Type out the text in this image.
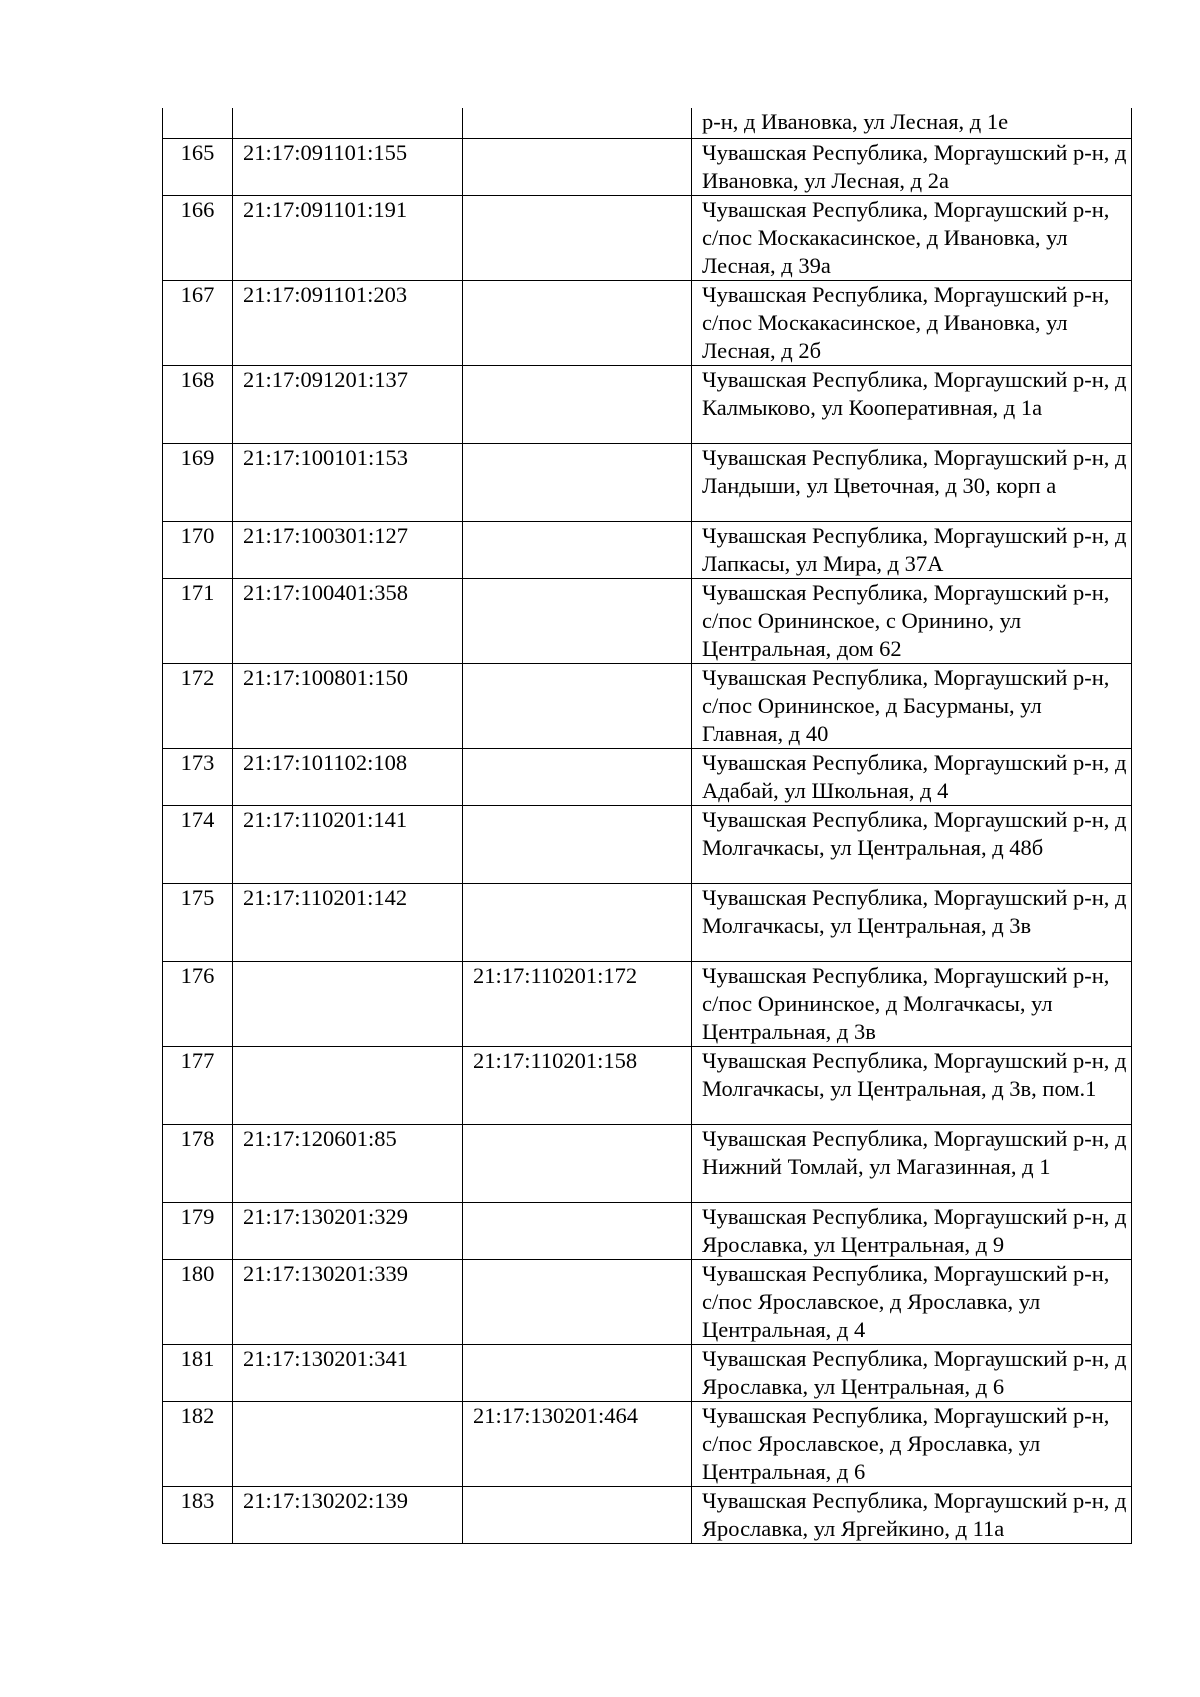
			р-н, д Ивановка, ул Лесная, д 1е
165	21:17:091101:155		Чувашская Республика, Моргаушский р-н, д Ивановка, ул Лесная, д 2а
166	21:17:091101:191		Чувашская Республика, Моргаушский р-н, с/пос Москакасинское, д Ивановка, ул Лесная, д 39а
167	21:17:091101:203		Чувашская Республика, Моргаушский р-н, с/пос Москакасинское, д Ивановка, ул Лесная, д 2б
168	21:17:091201:137		Чувашская Республика, Моргаушский р-н, д Калмыково, ул Кооперативная, д 1а
169	21:17:100101:153		Чувашская Республика, Моргаушский р-н, д Ландыши, ул Цветочная, д 30, корп а
170	21:17:100301:127		Чувашская Республика, Моргаушский р-н, д Лапкасы, ул Мира, д 37А
171	21:17:100401:358		Чувашская Республика, Моргаушский р-н, с/пос Орининское, с Оринино, ул Центральная, дом 62
172	21:17:100801:150		Чувашская Республика, Моргаушский р-н, с/пос Орининское, д Басурманы, ул Главная, д 40
173	21:17:101102:108		Чувашская Республика, Моргаушский р-н, д Адабай, ул Школьная, д 4
174	21:17:110201:141		Чувашская Республика, Моргаушский р-н, д Молгачкасы, ул Центральная, д 48б
175	21:17:110201:142		Чувашская Республика, Моргаушский р-н, д Молгачкасы, ул Центральная, д 3в
176		21:17:110201:172	Чувашская Республика, Моргаушский р-н, с/пос Орининское, д Молгачкасы, ул Центральная, д 3в
177		21:17:110201:158	Чувашская Республика, Моргаушский р-н, д Молгачкасы, ул Центральная, д 3в, пом.1
178	21:17:120601:85		Чувашская Республика, Моргаушский р-н, д Нижний Томлай, ул Магазинная, д 1
179	21:17:130201:329		Чувашская Республика, Моргаушский р-н, д Ярославка, ул Центральная, д 9
180	21:17:130201:339		Чувашская Республика, Моргаушский р-н, с/пос Ярославское, д Ярославка, ул Центральная, д 4
181	21:17:130201:341		Чувашская Республика, Моргаушский р-н, д Ярославка, ул Центральная, д 6
182		21:17:130201:464	Чувашская Республика, Моргаушский р-н, с/пос Ярославское, д Ярославка, ул Центральная, д 6
183	21:17:130202:139		Чувашская Республика, Моргаушский р-н, д Ярославка, ул Яргейкино, д 11а
